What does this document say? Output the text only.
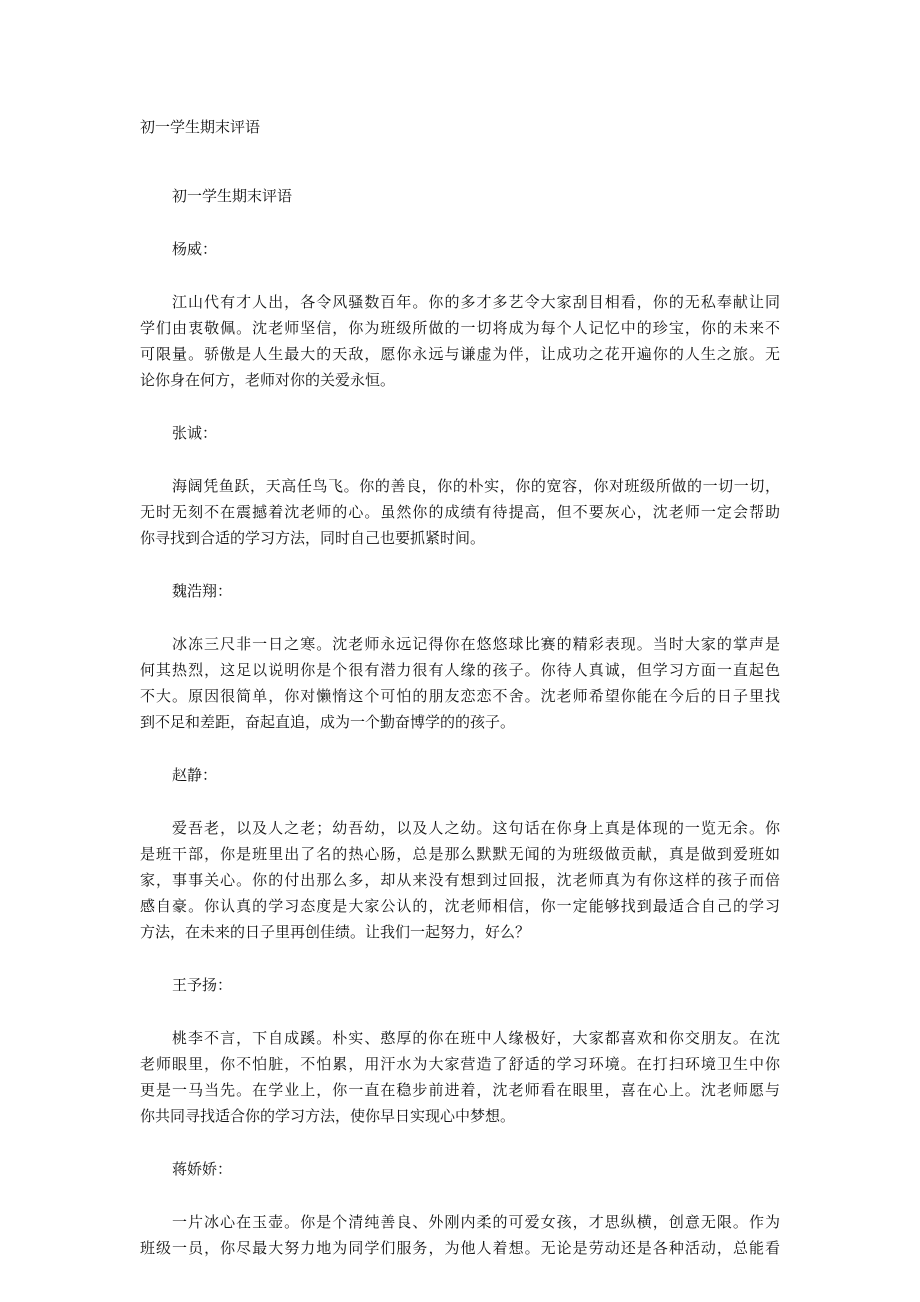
初一学生期末评语
初一学生期末评语
杨威：
江山代有才人出，各令风骚数百年。你的多才多艺令大家刮目相看，你的无私奉献让同
学们由衷敬佩。沈老师坚信，你为班级所做的一切将成为每个人记忆中的珍宝，你的未来不
可限量。骄傲是人生最大的天敌，愿你永远与谦虚为伴，让成功之花开遍你的人生之旅。无
论你身在何方，老师对你的关爱永恒。
张诚：
海阔凭鱼跃，天高任鸟飞。你的善良，你的朴实，你的宽容，你对班级所做的一切一切，
无时无刻不在震撼着沈老师的心。虽然你的成绩有待提高，但不要灰心，沈老师一定会帮助
你寻找到合适的学习方法，同时自己也要抓紧时间。
魏浩翔：
冰冻三尺非一日之寒。沈老师永远记得你在悠悠球比赛的精彩表现。当时大家的掌声是
何其热烈，这足以说明你是个很有潜力很有人缘的孩子。你待人真诚，但学习方面一直起色
不大。原因很简单，你对懒惰这个可怕的朋友恋恋不舍。沈老师希望你能在今后的日子里找
到不足和差距，奋起直追，成为一个勤奋博学的的孩子。
赵静：
爱吾老，以及人之老；幼吾幼，以及人之幼。这句话在你身上真是体现的一览无余。你
是班干部，你是班里出了名的热心肠，总是那么默默无闻的为班级做贡献，真是做到爱班如
家，事事关心。你的付出那么多，却从来没有想到过回报，沈老师真为有你这样的孩子而倍
感自豪。你认真的学习态度是大家公认的，沈老师相信，你一定能够找到最适合自己的学习
方法，在未来的日子里再创佳绩。让我们一起努力，好么？
王予扬：
桃李不言，下自成蹊。朴实、憨厚的你在班中人缘极好，大家都喜欢和你交朋友。在沈
老师眼里，你不怕脏，不怕累，用汗水为大家营造了舒适的学习环境。在打扫环境卫生中你
更是一马当先。在学业上，你一直在稳步前进着，沈老师看在眼里，喜在心上。沈老师愿与
你共同寻找适合你的学习方法，使你早日实现心中梦想。
蒋娇娇：
一片冰心在玉壶。你是个清纯善良、外刚内柔的可爱女孩，才思纵横，创意无限。作为
班级一员，你尽最大努力地为同学们服务，为他人着想。无论是劳动还是各种活动，总能看
